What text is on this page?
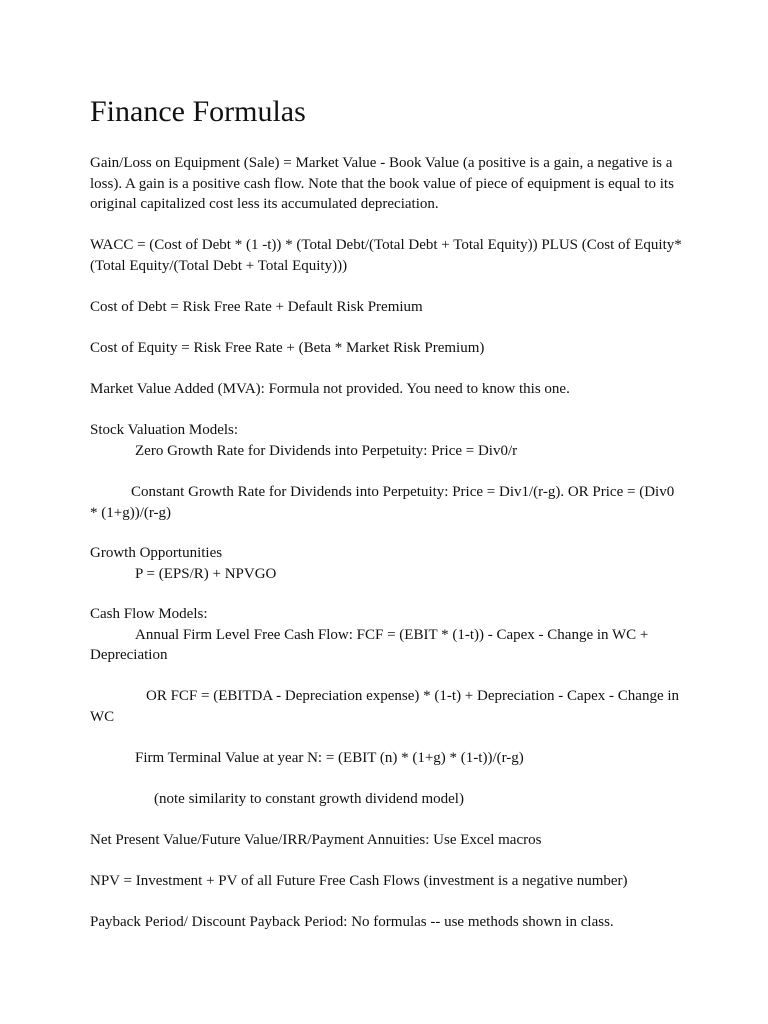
Finance Formulas

Gain/Loss on Equipment (Sale) = Market Value - Book Value (a positive is a gain, a negative is a loss). A gain is a positive cash flow. Note that the book value of piece of equipment is equal to its original capitalized cost less its accumulated depreciation.

WACC = (Cost of Debt * (1 -t)) * (Total Debt/(Total Debt + Total Equity)) PLUS (Cost of Equity* (Total Equity/(Total Debt + Total Equity)))

Cost of Debt = Risk Free Rate + Default Risk Premium

Cost of Equity = Risk Free Rate + (Beta * Market Risk Premium)

Market Value Added (MVA): Formula not provided. You need to know this one.

Stock Valuation Models:
Zero Growth Rate for Dividends into Perpetuity: Price = Div0/r

Constant Growth Rate for Dividends into Perpetuity: Price = Div1/(r-g). OR Price = (Div0 * (1+g))/(r-g)

Growth Opportunities
P = (EPS/R) + NPVGO
Cash Flow Models:
Annual Firm Level Free Cash Flow: FCF = (EBIT * (1-t)) - Capex - Change in WC + Depreciation

OR FCF = (EBITDA - Depreciation expense) * (1-t) + Depreciation - Capex - Change in WC

Firm Terminal Value at year N: = (EBIT (n) * (1+g) * (1-t))/(r-g)

(note similarity to constant growth dividend model)

Net Present Value/Future Value/IRR/Payment Annuities: Use Excel macros

NPV = Investment + PV of all Future Free Cash Flows (investment is a negative number)

Payback Period/ Discount Payback Period: No formulas -- use methods shown in class.
